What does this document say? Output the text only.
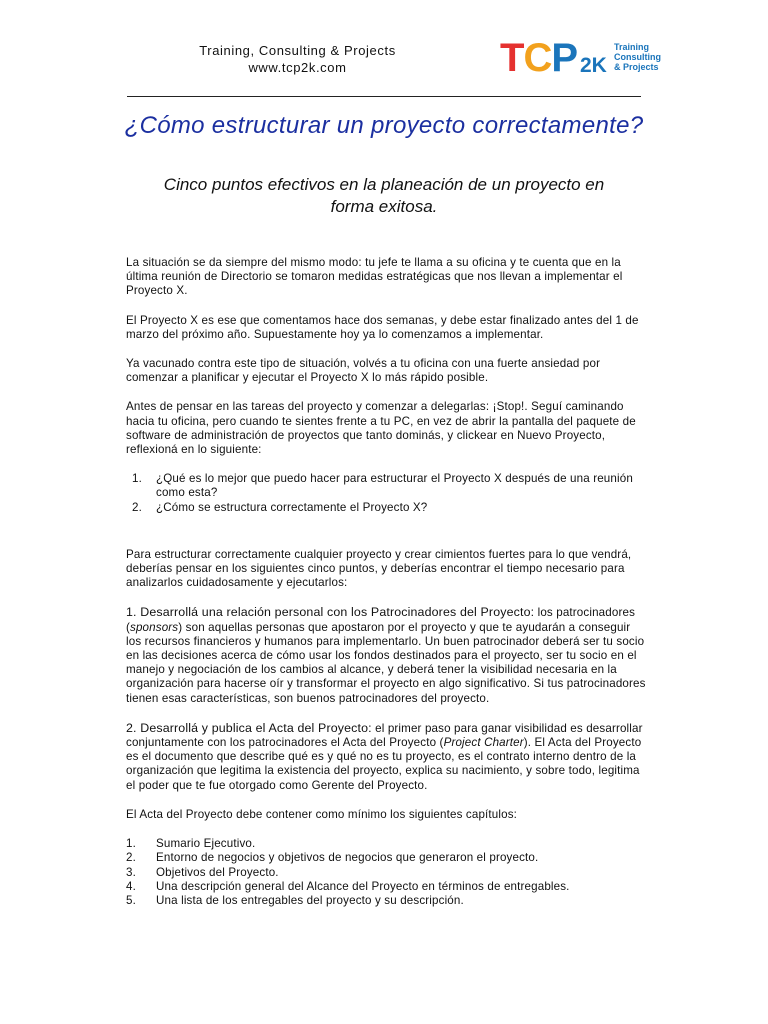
Training, Consulting & Projects
www.tcp2k.com	TCP 2K
Training
Consulting
& Projects
¿Cómo estructurar un proyecto correctamente?
Cinco puntos efectivos en la planeación de un proyecto en forma exitosa.

La situación se da siempre del mismo modo: tu jefe te llama a su oficina y te cuenta que en la última reunión de Directorio se tomaron medidas estratégicas que nos llevan a implementar el Proyecto X.

El Proyecto X es ese que comentamos hace dos semanas, y debe estar finalizado antes del 1 de marzo del próximo año. Supuestamente hoy ya lo comenzamos a implementar.

Ya vacunado contra este tipo de situación, volvés a tu oficina con una fuerte ansiedad por comenzar a planificar y ejecutar el Proyecto X lo más rápido posible.

Antes de pensar en las tareas del proyecto y comenzar a delegarlas: ¡Stop!. Seguí caminando hacia tu oficina, pero cuando te sientes frente a tu PC, en vez de abrir la pantalla del paquete de software de administración de proyectos que tanto dominás, y clickear en Nuevo Proyecto, reflexioná en lo siguiente:

1. ¿Qué es lo mejor que puedo hacer para estructurar el Proyecto X después de una reunión como esta?
2. ¿Cómo se estructura correctamente el Proyecto X?

Para estructurar correctamente cualquier proyecto y crear cimientos fuertes para lo que vendrá, deberías pensar en los siguientes cinco puntos, y deberías encontrar el tiempo necesario para analizarlos cuidadosamente y ejecutarlos:

1. Desarrollá una relación personal con los Patrocinadores del Proyecto: los patrocinadores (sponsors) son aquellas personas que apostaron por el proyecto y que te ayudarán a conseguir los recursos financieros y humanos para implementarlo. Un buen patrocinador deberá ser tu socio en las decisiones acerca de cómo usar los fondos destinados para el proyecto, ser tu socio en el manejo y negociación de los cambios al alcance, y deberá tener la visibilidad necesaria en la organización para hacerse oír y transformar el proyecto en algo significativo. Si tus patrocinadores tienen esas características, son buenos patrocinadores del proyecto.

2. Desarrollá y publica el Acta del Proyecto: el primer paso para ganar visibilidad es desarrollar conjuntamente con los patrocinadores el Acta del Proyecto (Project Charter). El Acta del Proyecto es el documento que describe qué es y qué no es tu proyecto, es el contrato interno dentro de la organización que legitima la existencia del proyecto, explica su nacimiento, y sobre todo, legitima el poder que te fue otorgado como Gerente del Proyecto.

El Acta del Proyecto debe contener como mínimo los siguientes capítulos:

1. Sumario Ejecutivo.
2. Entorno de negocios y objetivos de negocios que generaron el proyecto.
3. Objetivos del Proyecto.
4. Una descripción general del Alcance del Proyecto en términos de entregables.
5. Una lista de los entregables del proyecto y su descripción.
